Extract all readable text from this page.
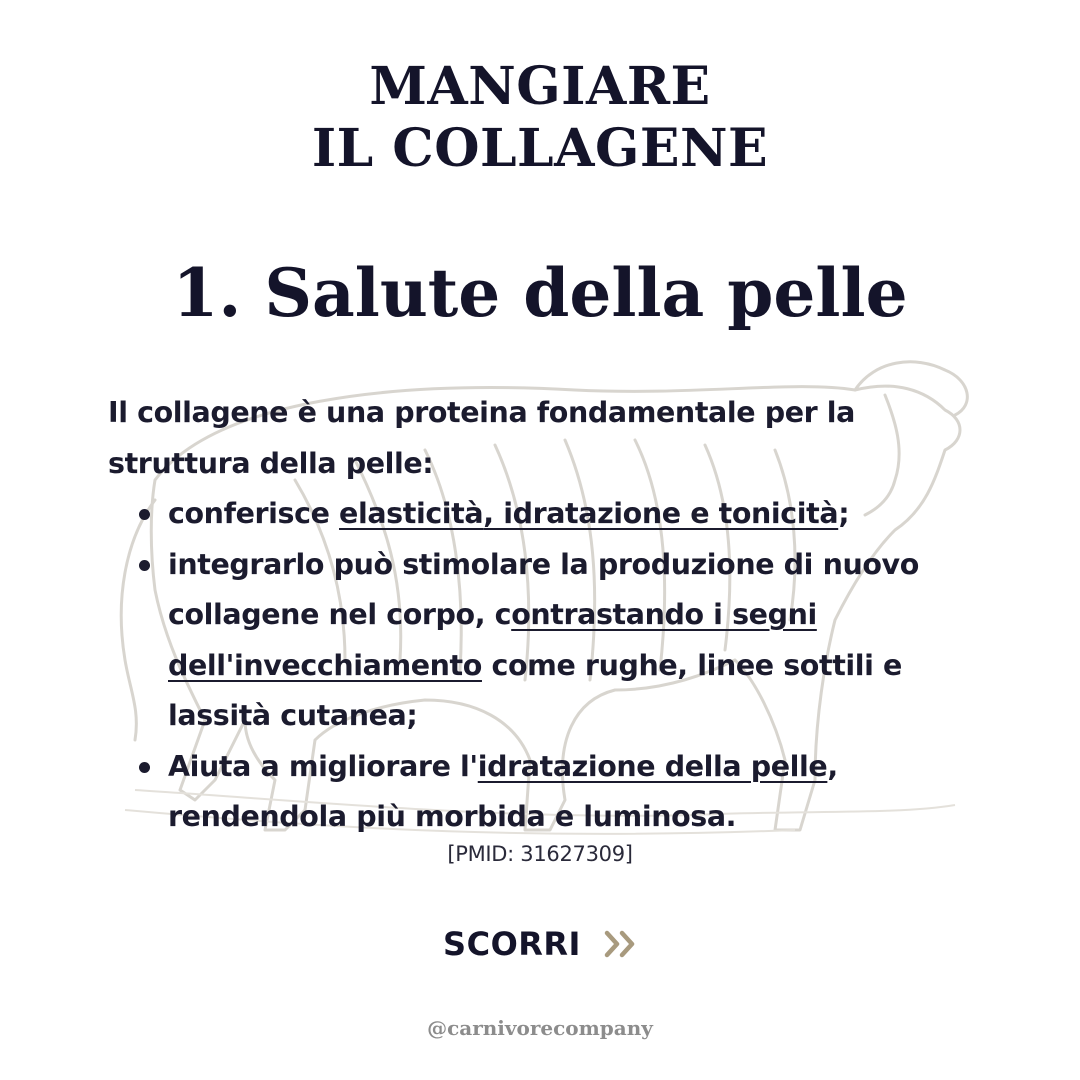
MANGIARE
IL COLLAGENE
1. Salute della pelle

Il collagene è una proteina fondamentale per la struttura della pelle:

conferisce elasticità, idratazione e tonicità;
integrarlo può stimolare la produzione di nuovo collagene nel corpo, contrastando i segni dell'invecchiamento come rughe, linee sottili e lassità cutanea;
Aiuta a migliorare l'idratazione della pelle, rendendola più morbida e luminosa.
[PMID: 31627309]
SCORRI
@carnivorecompany
